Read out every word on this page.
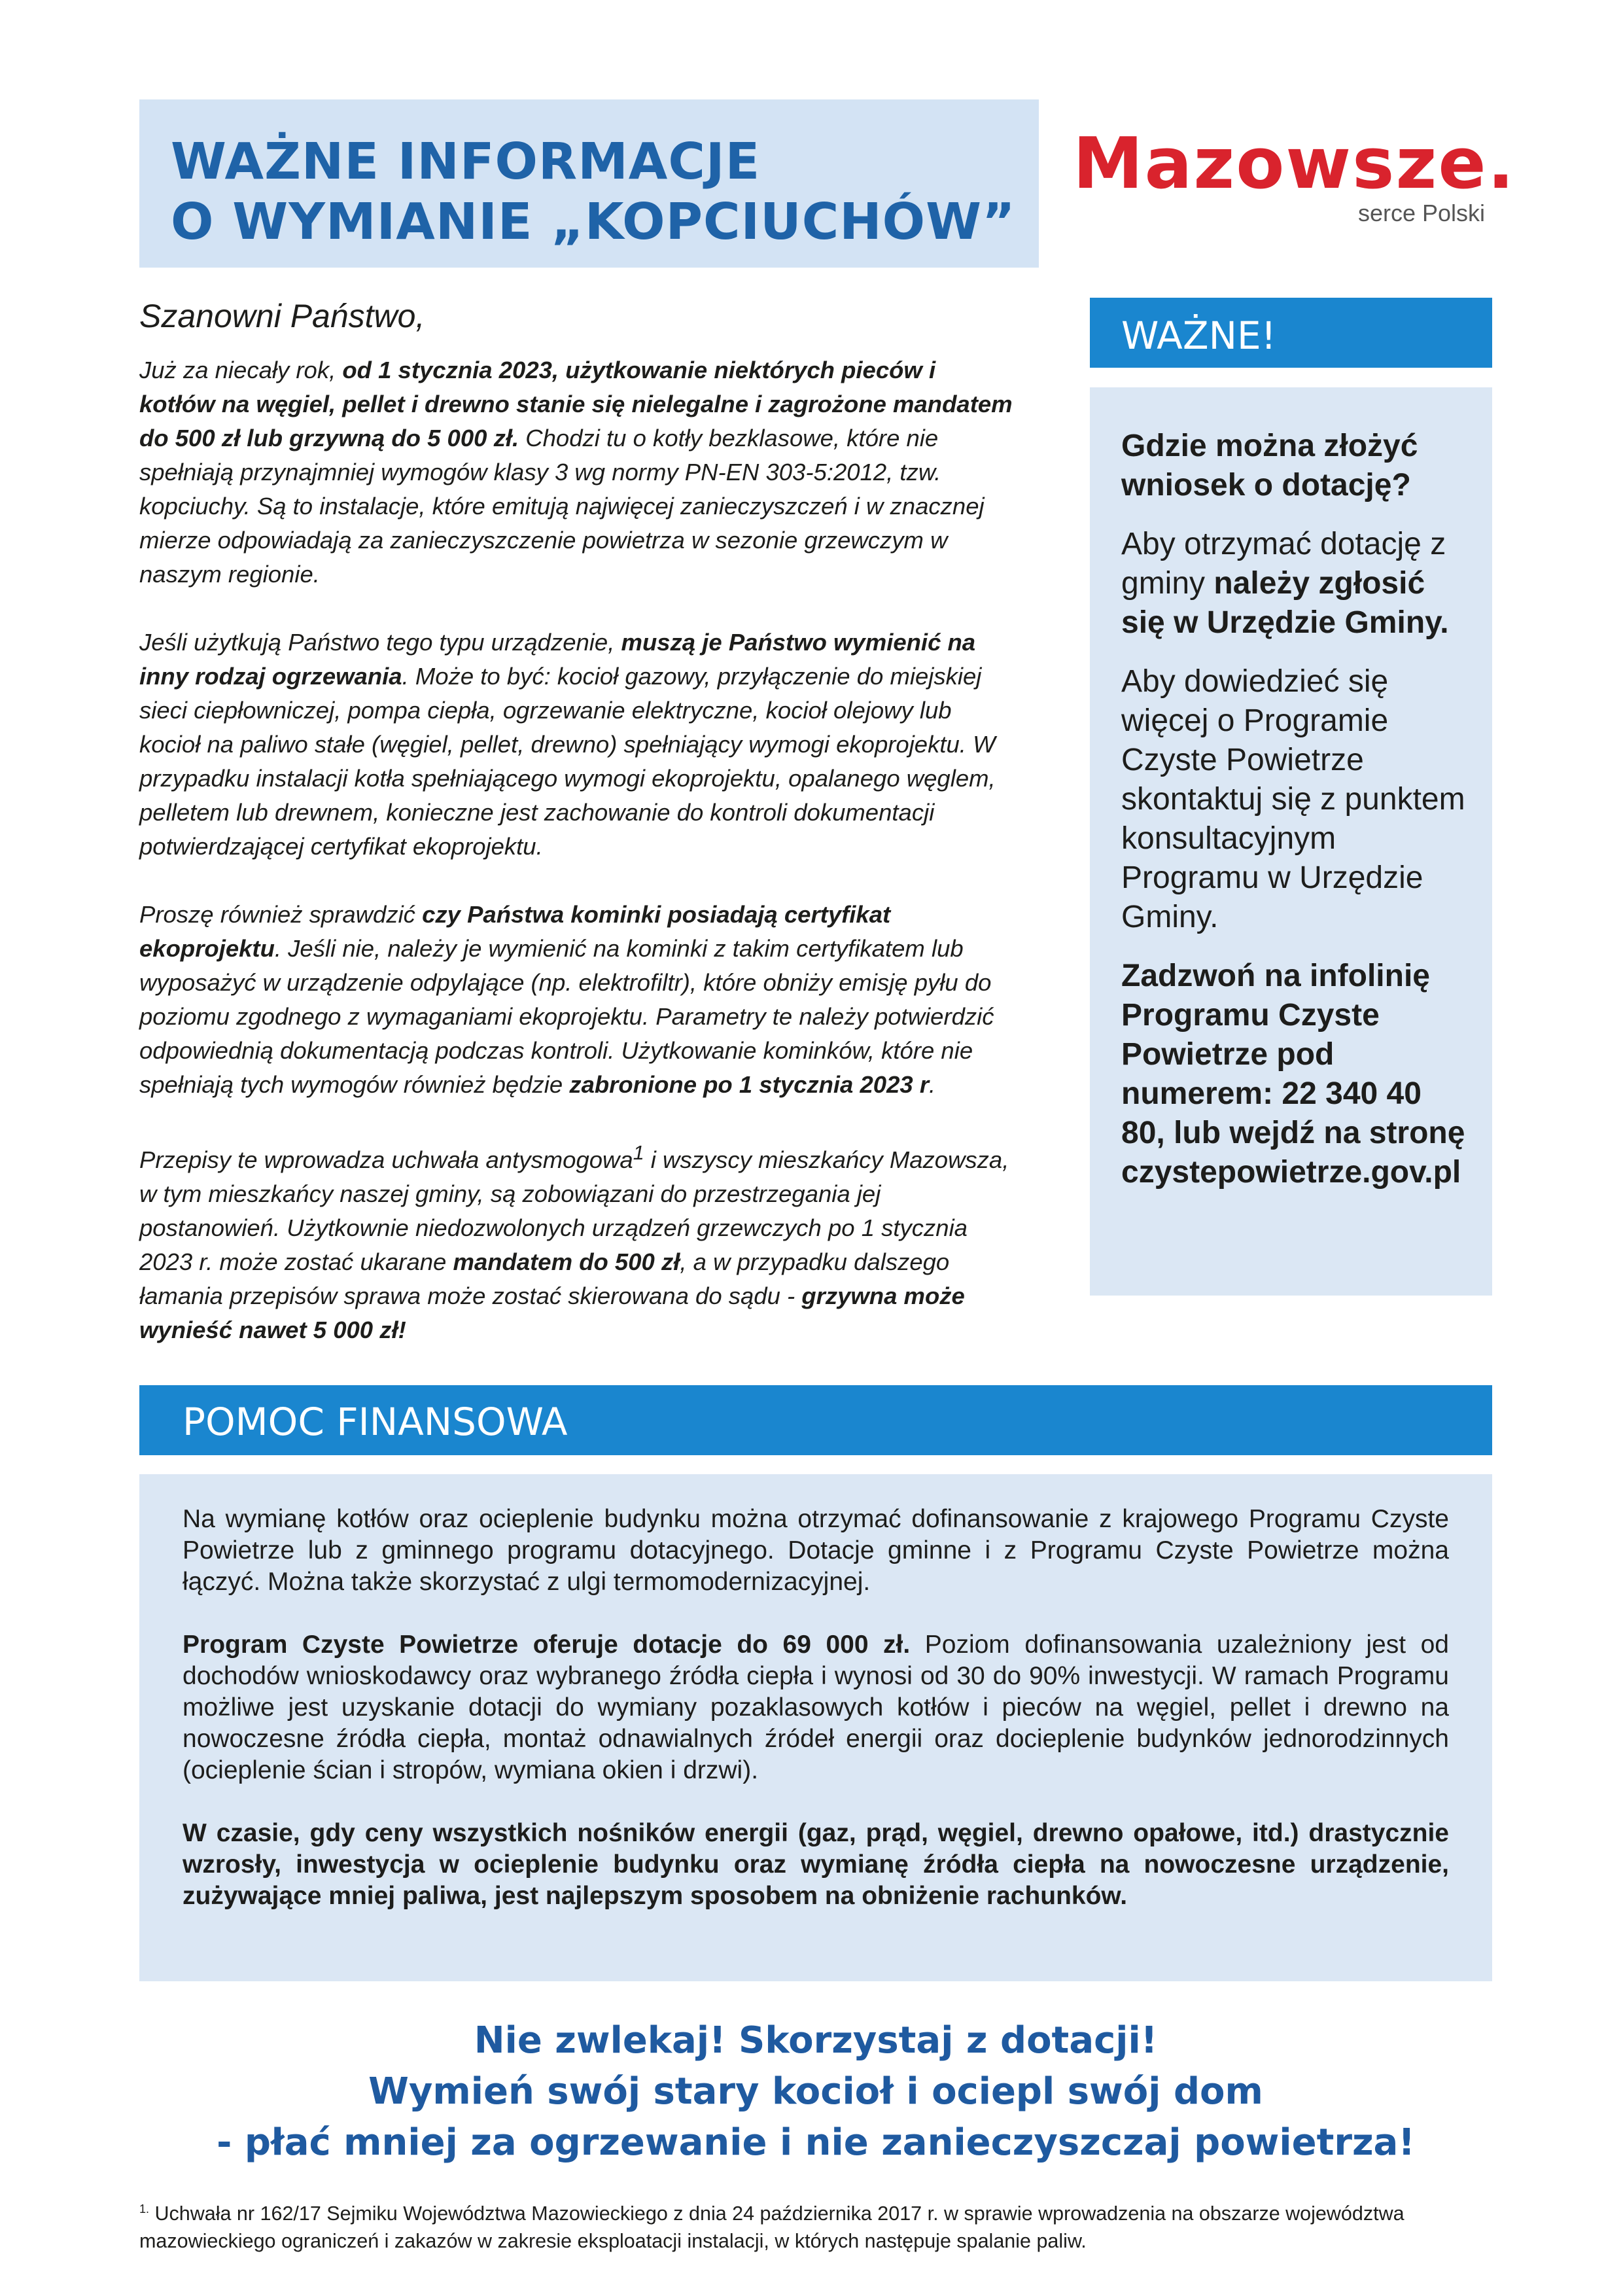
WAŻNE INFORMACJE
O WYMIANIE „KOPCIUCHÓW”
Mazowsze.
serce Polski
Szanowni Państwo,

Już za niecały rok, od 1 stycznia 2023, użytkowanie niektórych pieców i kotłów na węgiel, pellet i drewno stanie się nielegalne i zagrożone mandatem do 500 zł lub grzywną do 5 000 zł. Chodzi tu o kotły bezklasowe, które nie spełniają przynajmniej wymogów klasy 3 wg normy PN-EN 303-5:2012, tzw. kopciuchy. Są to instalacje, które emitują najwięcej zanieczyszczeń i w znacznej mierze odpowiadają za zanieczyszczenie powietrza w sezonie grzewczym w naszym regionie.

Jeśli użytkują Państwo tego typu urządzenie, muszą je Państwo wymienić na inny rodzaj ogrzewania. Może to być: kocioł gazowy, przyłączenie do miejskiej sieci ciepłowniczej, pompa ciepła, ogrzewanie elektryczne, kocioł olejowy lub kocioł na paliwo stałe (węgiel, pellet, drewno) spełniający wymogi ekoprojektu. W przypadku instalacji kotła spełniającego wymogi ekoprojektu, opalanego węglem, pelletem lub drewnem, konieczne jest zachowanie do kontroli dokumentacji potwierdzającej certyfikat ekoprojektu.

Proszę również sprawdzić czy Państwa kominki posiadają certyfikat ekoprojektu. Jeśli nie, należy je wymienić na kominki z takim certyfikatem lub wyposażyć w urządzenie odpylające (np. elektrofiltr), które obniży emisję pyłu do poziomu zgodnego z wymaganiami ekoprojektu. Parametry te należy potwierdzić odpowiednią dokumentacją podczas kontroli. Użytkowanie kominków, które nie spełniają tych wymogów również będzie zabronione po 1 stycznia 2023 r.

Przepisy te wprowadza uchwała antysmogowa$^1$ i wszyscy mieszkańcy Mazowsza, w tym mieszkańcy naszej gminy, są zobowiązani do przestrzegania jej postanowień. Użytkownie niedozwolonych urządzeń grzewczych po 1 stycznia 2023 r. może zostać ukarane mandatem do 500 zł, a w przypadku dalszego łamania przepisów sprawa może zostać skierowana do sądu - grzywna może wynieść nawet 5 000 zł!

WAŻNE!
Gdzie można złożyć wniosek o dotację?
Aby otrzymać dotację z gminy należy zgłosić się w Urzędzie Gminy.
Aby dowiedzieć się więcej o Programie Czyste Powietrze skontaktuj się z punktem konsultacyjnym Programu w Urzędzie Gminy.
Zadzwoń na infolinię Programu Czyste Powietrze pod numerem: 22 340 40 80, lub wejdź na stronę czystepowietrze.gov.pl
POMOC FINANSOWA

Na wymianę kotłów oraz ocieplenie budynku można otrzymać dofinansowanie z krajowego Programu Czyste Powietrze lub z gminnego programu dotacyjnego. Dotacje gminne i z Programu Czyste Powietrze można łączyć. Można także skorzystać z ulgi termomodernizacyjnej.

Program Czyste Powietrze oferuje dotacje do 69 000 zł. Poziom dofinansowania uzależniony jest od dochodów wnioskodawcy oraz wybranego źródła ciepła i wynosi od 30 do 90% inwestycji. W ramach Programu możliwe jest uzyskanie dotacji do wymiany pozaklasowych kotłów i pieców na węgiel, pellet i drewno na nowoczesne źródła ciepła, montaż odnawialnych źródeł energii oraz docieplenie budynków jednorodzinnych (ocieplenie ścian i stropów, wymiana okien i drzwi).

W czasie, gdy ceny wszystkich nośników energii (gaz, prąd, węgiel, drewno opałowe, itd.) drastycznie wzrosły, inwestycja w ocieplenie budynku oraz wymianę źródła ciepła na nowoczesne urządzenie, zużywające mniej paliwa, jest najlepszym sposobem na obniżenie rachunków.

Nie zwlekaj! Skorzystaj z dotacji!
Wymień swój stary kocioł i ociepl swój dom
- płać mniej za ogrzewanie i nie zanieczyszczaj powietrza!
$^{1.}$ Uchwała nr 162/17 Sejmiku Województwa Mazowieckiego z dnia 24 października 2017 r. w sprawie wprowadzenia na obszarze województwa mazowieckiego ograniczeń i zakazów w zakresie eksploatacji instalacji, w których następuje spalanie paliw.
